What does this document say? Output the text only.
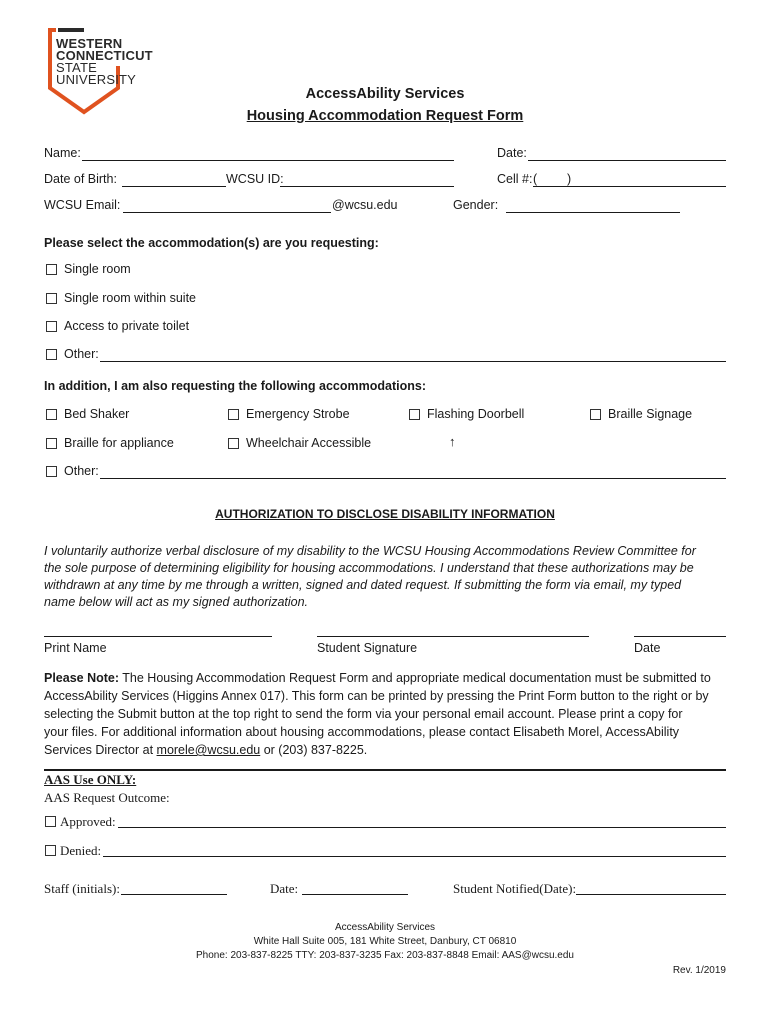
WESTERN
CONNECTICUT
STATE
UNIVERSITY
AccessAbility Services
Housing Accommodation Request Form
Name:	Date:
Date of Birth:	WCSU ID:	Cell #: ( )
WCSU Email:	@wcsu.edu	Gender:
Please select the accommodation(s) are you requesting:
Single room
Single room within suite
Access to private toilet
Other:
In addition, I am also requesting the following accommodations:
Bed Shaker	Emergency Strobe	Flashing Doorbell	Braille Signage
Braille for appliance	Wheelchair Accessible	↑
Other:
AUTHORIZATION TO DISCLOSE DISABILITY INFORMATION
I voluntarily authorize verbal disclosure of my disability to the WCSU Housing Accommodations Review Committee for
the sole purpose of determining eligibility for housing accommodations. I understand that these authorizations may be
withdrawn at any time by me through a written, signed and dated request. If submitting the form via email, my typed
name below will act as my signed authorization.
Print Name	Student Signature	Date
Please Note: The Housing Accommodation Request Form and appropriate medical documentation must be submitted to
AccessAbility Services (Higgins Annex 017). This form can be printed by pressing the Print Form button to the right or by
selecting the Submit button at the top right to send the form via your personal email account. Please print a copy for
your files. For additional information about housing accommodations, please contact Elisabeth Morel, AccessAbility
Services Director at morele@wcsu.edu or (203) 837-8225.
AAS Use ONLY:
AAS Request Outcome:
Approved:
Denied:
Staff (initials):	Date:	Student Notified(Date):
AccessAbility Services
White Hall Suite 005, 181 White Street, Danbury, CT 06810
Phone: 203-837-8225 TTY: 203-837-3235 Fax: 203-837-8848 Email: AAS@wcsu.edu
Rev. 1/2019
